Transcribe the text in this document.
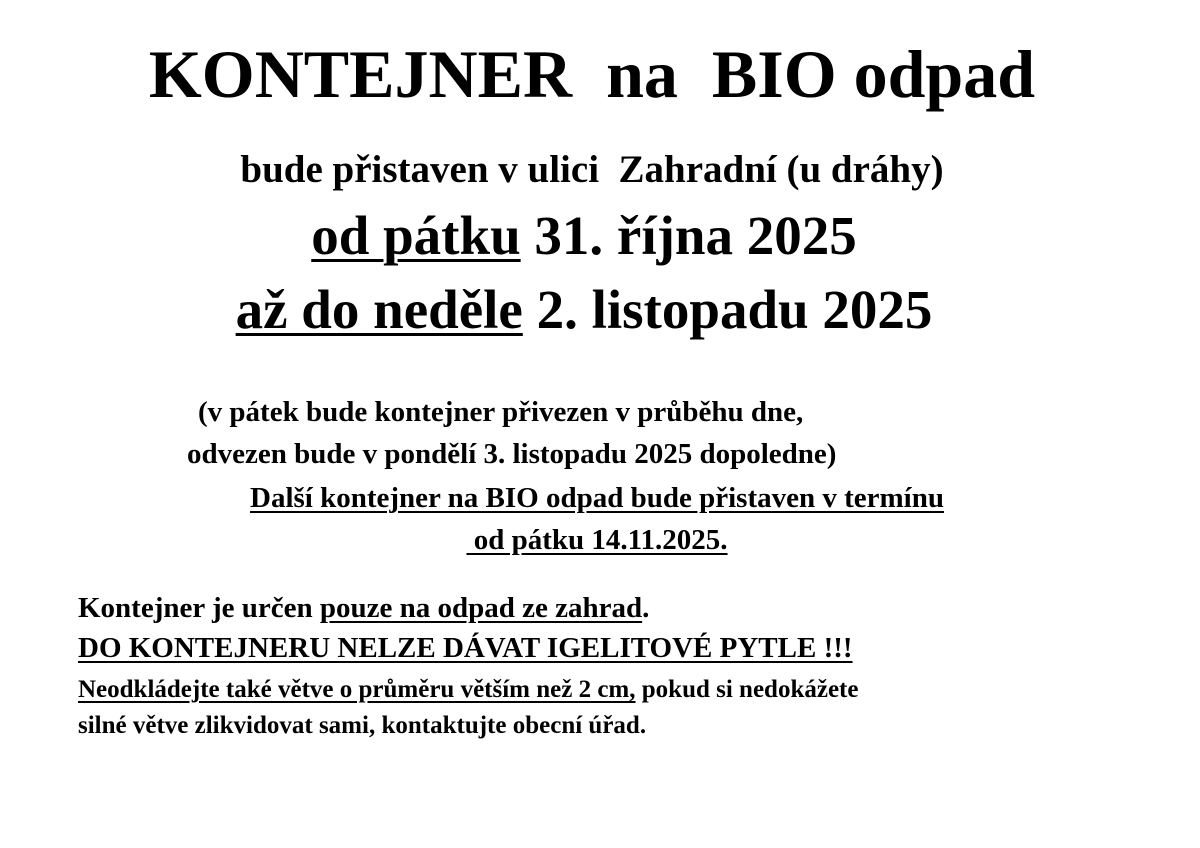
KONTEJNER  na  BIO odpad
bude přistaven v ulici  Zahradní (u dráhy)
od pátku 31. října 2025
až do neděle 2. listopadu 2025
(v pátek bude kontejner přivezen v průběhu dne,
odvezen bude v pondělí 3. listopadu 2025 dopoledne)
Další kontejner na BIO odpad bude přistaven v termínu
od pátku 14.11.2025.
Kontejner je určen pouze na odpad ze zahrad.
DO KONTEJNERU NELZE DÁVAT IGELITOVÉ PYTLE !!!
Neodkládejte také větve o průměru větším než 2 cm, pokud si nedokážete
silné větve zlikvidovat sami, kontaktujte obecní úřad.
